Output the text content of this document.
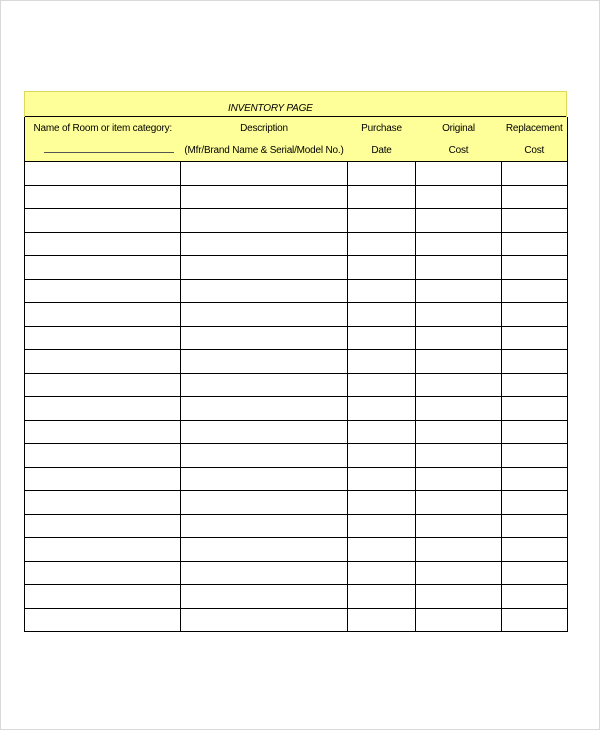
INVENTORY PAGE
Name of Room or item category:	Description	Purchase	Original	Replacement
	(Mfr/Brand Name & Serial/Model No.)	Date	Cost	Cost
